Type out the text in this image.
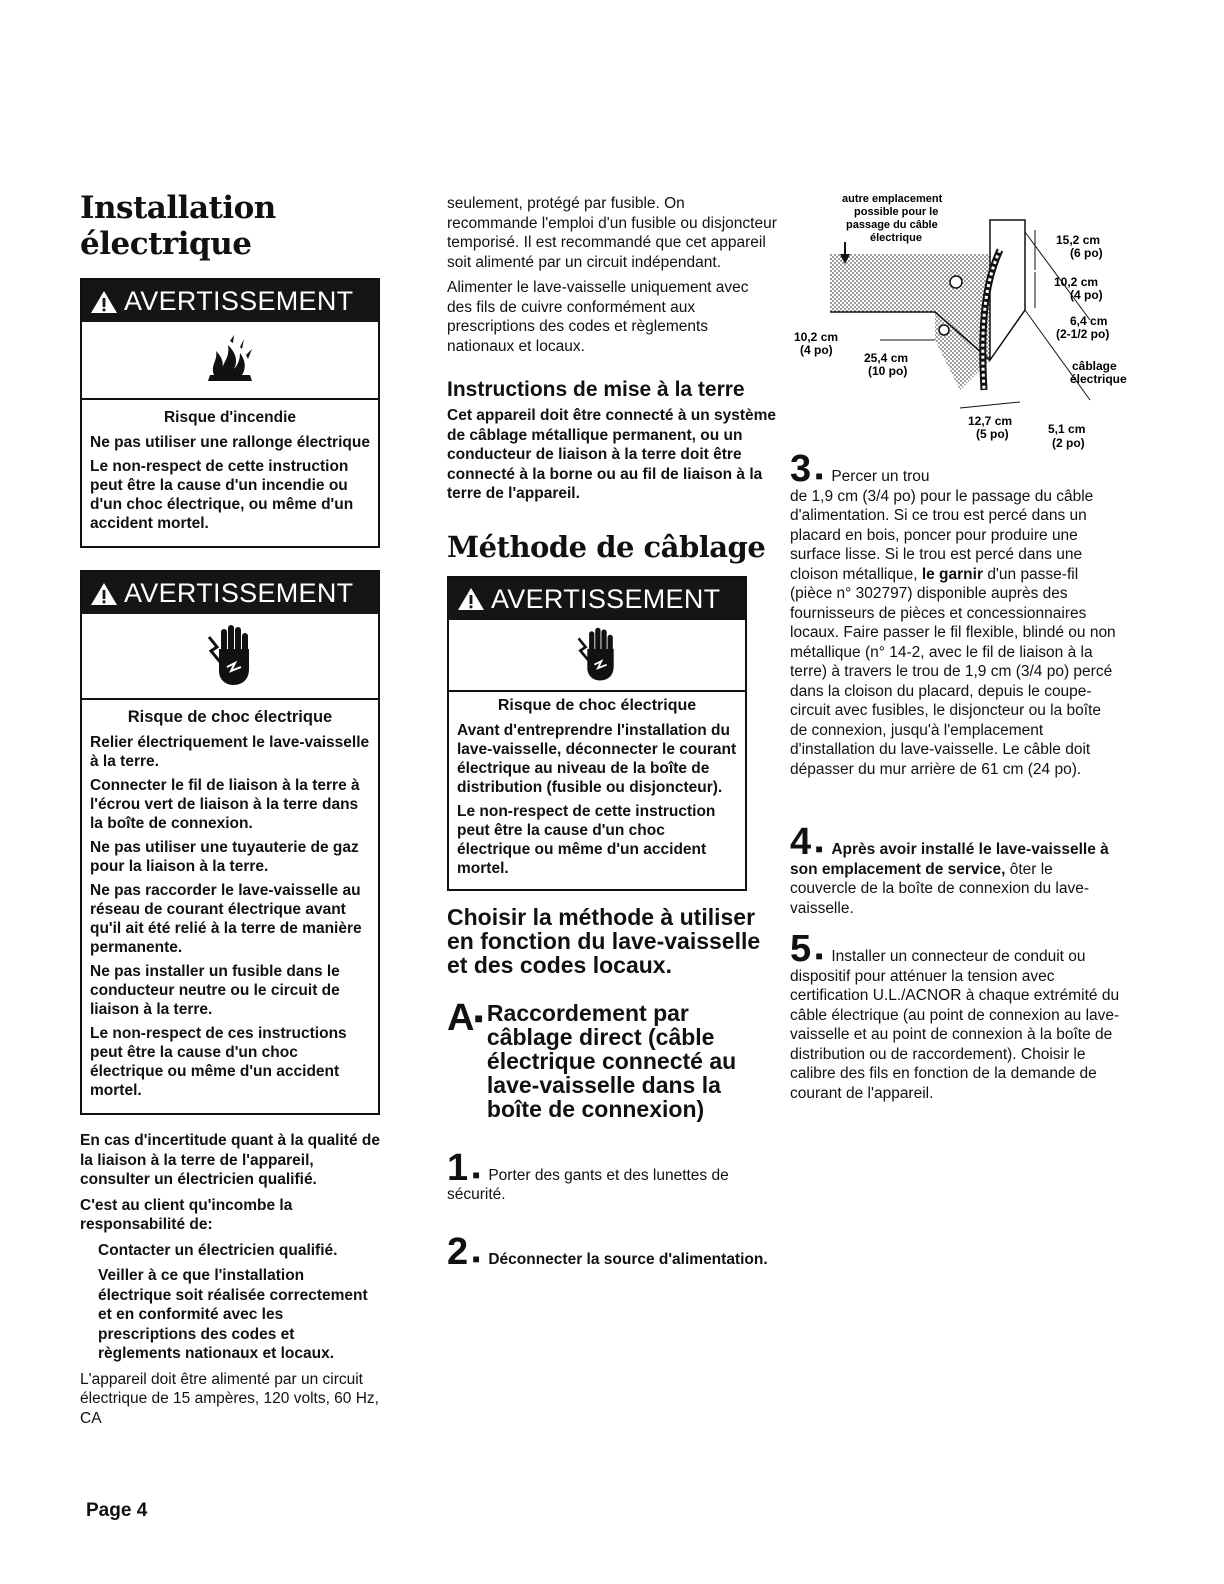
Installation électrique
AVERTISSEMENT
Risque d'incendie

Ne pas utiliser une rallonge électrique

Le non-respect de cette instruction peut être la cause d'un incendie ou d'un choc électrique, ou même d'un accident mortel.

AVERTISSEMENT
Risque de choc électrique

Relier électriquement le lave-vaisselle à la terre.

Connecter le fil de liaison à la terre à l'écrou vert de liaison à la terre dans la boîte de connexion.

Ne pas utiliser une tuyauterie de gaz pour la liaison à la terre.

Ne pas raccorder le lave-vaisselle au réseau de courant électrique avant qu'il ait été relié à la terre de manière permanente.

Ne pas installer un fusible dans le conducteur neutre ou le circuit de liaison à la terre.

Le non-respect de ces instructions peut être la cause d'un choc électrique ou même d'un accident mortel.

En cas d'incertitude quant à la qualité de la liaison à la terre de l'appareil, consulter un électricien qualifié.

C'est au client qu'incombe la responsabilité de:

Contacter un électricien qualifié.

Veiller à ce que l'installation électrique soit réalisée correctement et en conformité avec les prescriptions des codes et règlements nationaux et locaux.

L'appareil doit être alimenté par un circuit électrique de 15 ampères, 120 volts, 60 Hz, CA

seulement, protégé par fusible. On recommande l'emploi d'un fusible ou disjoncteur temporisé. Il est recommandé que cet appareil soit alimenté par un circuit indépendant.

Alimenter le lave-vaisselle uniquement avec des fils de cuivre conformément aux prescriptions des codes et règlements nationaux et locaux.

Instructions de mise à la terre

Cet appareil doit être connecté à un système de câblage métallique permanent, ou un conducteur de liaison à la terre doit être connecté à la borne ou au fil de liaison à la terre de l'appareil.

Méthode de câblage
AVERTISSEMENT
Risque de choc électrique

Avant d'entreprendre l'installation du lave-vaisselle, déconnecter le courant électrique au niveau de la boîte de distribution (fusible ou disjoncteur).

Le non-respect de cette instruction peut être la cause d'un choc électrique ou même d'un accident mortel.

Choisir la méthode à utiliser en fonction du lave-vaisselle et des codes locaux.
A■ Raccordement par câblage direct (câble électrique connecté au lave-vaisselle dans la boîte de connexion)
1 ■ Porter des gants et des lunettes de sécurité.
2 ■ Déconnecter la source d'alimentation.
autre emplacement
possible pour le
passage du câble
électrique	15,2 cm
(6 po)
10,2 cm
(4 po)
6,4 cm
(2-1/2 po)
10,2 cm
(4 po)
25,4 cm
(10 po)	câblage
électrique
12,7 cm
(5 po)	5,1 cm
(2 po)
3 ■ Percer un trou
de 1,9 cm (3/4 po) pour le passage du câble d'alimentation. Si ce trou est percé dans un placard en bois, poncer pour produire une surface lisse. Si le trou est percé dans une cloison métallique, le garnir d'un passe-fil (pièce n° 302797) disponible auprès des fournisseurs de pièces et concessionnaires locaux. Faire passer le fil flexible, blindé ou non métallique (n° 14-2, avec le fil de liaison à la terre) à travers le trou de 1,9 cm (3/4 po) percé dans la cloison du placard, depuis le coupe-circuit avec fusibles, le disjoncteur ou la boîte de connexion, jusqu'à l'emplacement d'installation du lave-vaisselle. Le câble doit dépasser du mur arrière de 61 cm (24 po).
4 ■ Après avoir installé le lave-vaisselle à son emplacement de service, ôter le couvercle de la boîte de connexion du lave-vaisselle.
5 ■ Installer un connecteur de conduit ou dispositif pour atténuer la tension avec certification U.L./ACNOR à chaque extrémité du câble électrique (au point de connexion au lave-vaisselle et au point de connexion à la boîte de distribution ou de raccordement). Choisir le calibre des fils en fonction de la demande de courant de l'appareil.
Page 4
